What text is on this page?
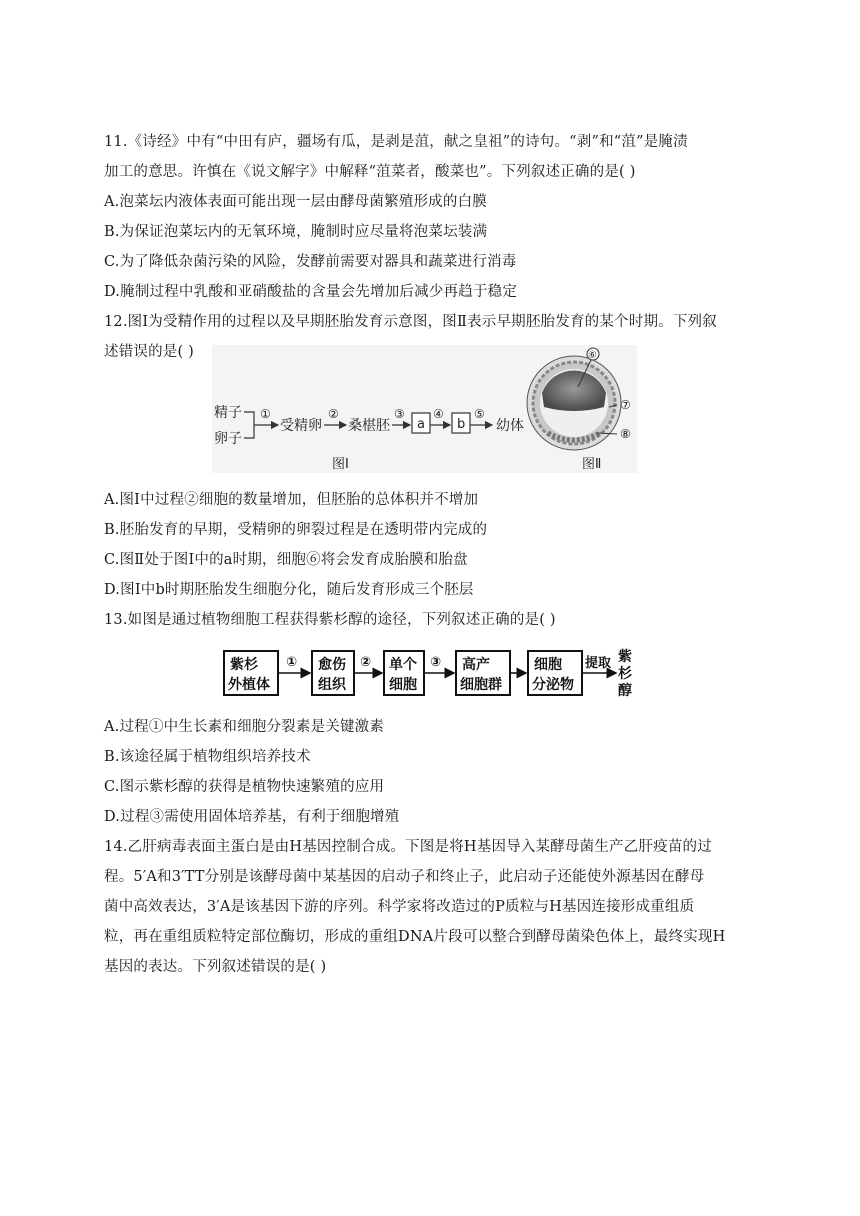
11.《诗经》中有“中田有庐，疆场有瓜，是剥是菹，献之皇祖”的诗句。“剥”和“菹”是腌渍
加工的意思。许慎在《说文解字》中解释“菹菜者，酸菜也”。下列叙述正确的是( )
A.泡菜坛内液体表面可能出现一层由酵母菌繁殖形成的白膜
B.为保证泡菜坛内的无氧环境，腌制时应尽量将泡菜坛装满
C.为了降低杂菌污染的风险，发酵前需要对器具和蔬菜进行消毒
D.腌制过程中乳酸和亚硝酸盐的含量会先增加后减少再趋于稳定
12.图Ⅰ为受精作用的过程以及早期胚胎发育示意图，图Ⅱ表示早期胚胎发育的某个时期。下列叙
述错误的是( )
精子
卵子
①
受精卵
②
桑椹胚
③
a
④
b
⑤
幼体
图Ⅰ
⑥
⑦
⑧
图Ⅱ
A.图Ⅰ中过程②细胞的数量增加，但胚胎的总体积并不增加
B.胚胎发育的早期，受精卵的卵裂过程是在透明带内完成的
C.图Ⅱ处于图Ⅰ中的a时期，细胞⑥将会发育成胎膜和胎盘
D.图Ⅰ中b时期胚胎发生细胞分化，随后发育形成三个胚层
13.如图是通过植物细胞工程获得紫杉醇的途径，下列叙述正确的是( )
紫杉
外植体
① 愈伤
组织
② 单个
细胞
③ 高产
细胞群
细胞
分泌物
提取 紫
杉
醇
A.过程①中生长素和细胞分裂素是关键激素
B.该途径属于植物组织培养技术
C.图示紫杉醇的获得是植物快速繁殖的应用
D.过程③需使用固体培养基，有利于细胞增殖
14.乙肝病毒表面主蛋白是由H基因控制合成。下图是将H基因导入某酵母菌生产乙肝疫苗的过
程。5′A和3′TT分别是该酵母菌中某基因的启动子和终止子，此启动子还能使外源基因在酵母
菌中高效表达，3′A是该基因下游的序列。科学家将改造过的P质粒与H基因连接形成重组质
粒，再在重组质粒特定部位酶切，形成的重组DNA片段可以整合到酵母菌染色体上，最终实现H
基因的表达。下列叙述错误的是( )
